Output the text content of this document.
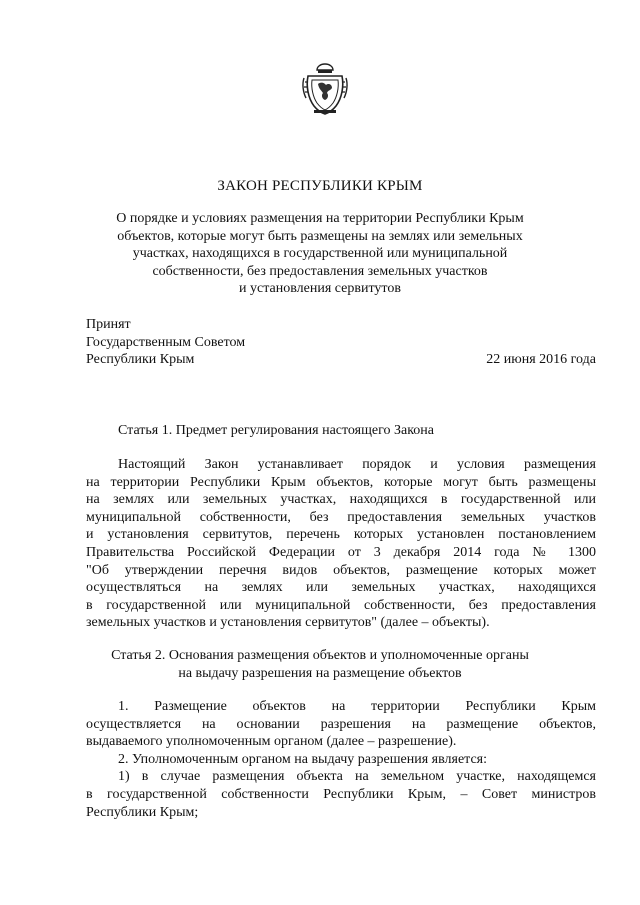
ЗАКОН РЕСПУБЛИКИ КРЫМ
О порядке и условиях размещения на территории Республики Крым
объектов, которые могут быть размещены на землях или земельных
участках, находящихся в государственной или муниципальной
собственности, без предоставления земельных участков
и установления сервитутов
Принят
Государственным Советом
Республики Крым	22 июня 2016 года
Статья 1. Предмет регулирования настоящего Закона
Настоящий Закон устанавливает порядок и условия размещения
на территории Республики Крым объектов, которые могут быть размещены
на землях или земельных участках, находящихся в государственной или
муниципальной собственности, без предоставления земельных участков
и установления сервитутов, перечень которых установлен постановлением
Правительства Российской Федерации от 3 декабря 2014 года № 1300
"Об утверждении перечня видов объектов, размещение которых может
осуществляться на землях или земельных участках, находящихся
в государственной или муниципальной собственности, без предоставления
земельных участков и установления сервитутов" (далее – объекты).
Статья 2. Основания размещения объектов и уполномоченные органы
на выдачу разрешения на размещение объектов
1. Размещение объектов на территории Республики Крым
осуществляется на основании разрешения на размещение объектов,
выдаваемого уполномоченным органом (далее – разрешение).
2. Уполномоченным органом на выдачу разрешения является:
1) в случае размещения объекта на земельном участке, находящемся
в государственной собственности Республики Крым, – Совет министров
Республики Крым;
